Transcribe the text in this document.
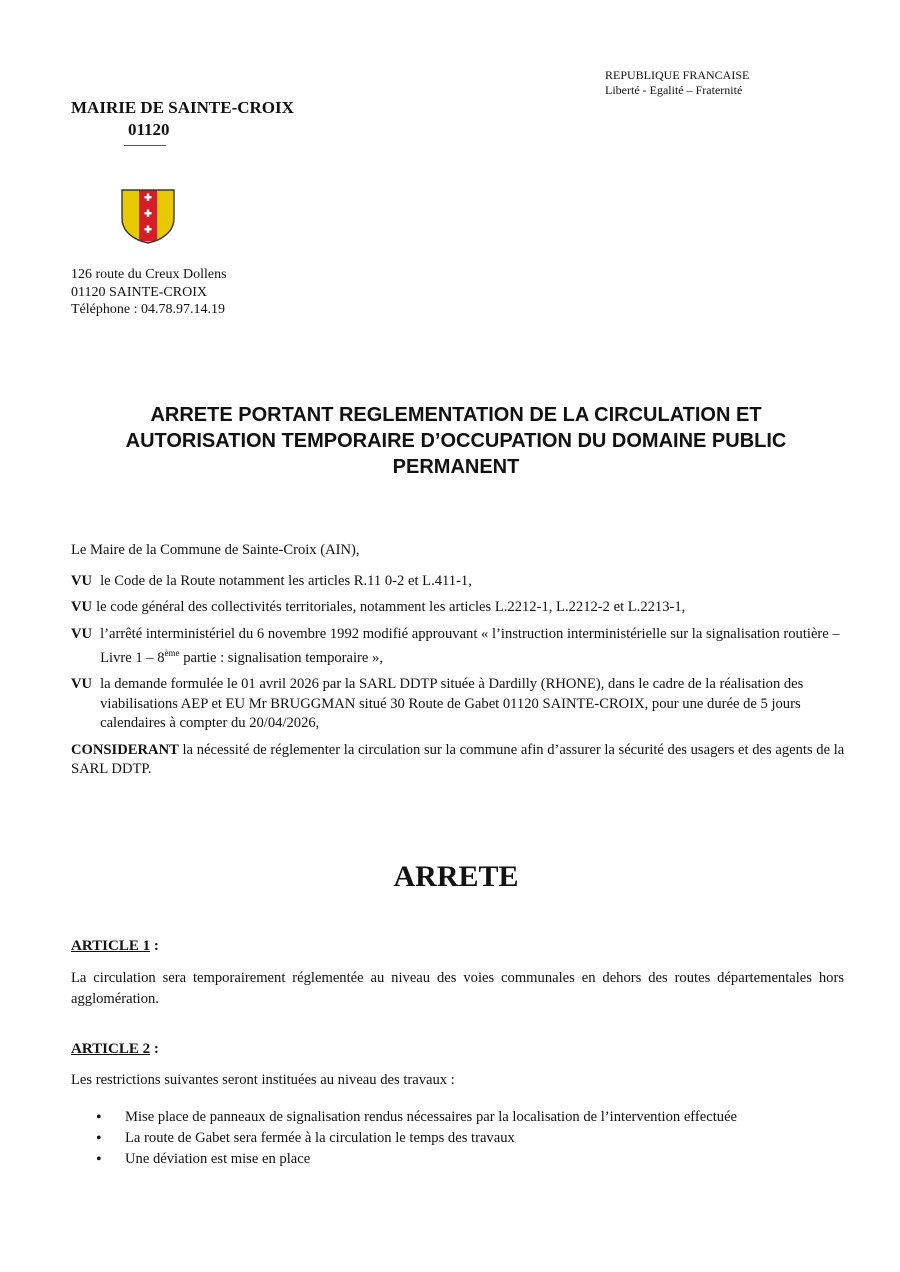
REPUBLIQUE FRANCAISE
Liberté - Egalité – Fraternité
MAIRIE DE SAINTE-CROIX
01120
126 route du Creux Dollens
01120 SAINTE-CROIX
Téléphone : 04.78.97.14.19
ARRETE PORTANT REGLEMENTATION DE LA CIRCULATION ET
AUTORISATION TEMPORAIRE D’OCCUPATION DU DOMAINE PUBLIC
PERMANENT

Le Maire de la Commune de Sainte-Croix (AIN),

VU le Code de la Route notamment les articles R.11 0-2 et L.411-1,
VU le code général des collectivités territoriales, notamment les articles L.2212-1, L.2212-2 et L.2213-1,
VU l’arrêté interministériel du 6 novembre 1992 modifié approuvant « l’instruction interministérielle sur la signalisation routière – Livre 1 – 8ème partie : signalisation temporaire »,
VU la demande formulée le 01 avril 2026 par la SARL DDTP située à Dardilly (RHONE), dans le cadre de la réalisation des viabilisations AEP et EU Mr BRUGGMAN situé 30 Route de Gabet 01120 SAINTE-CROIX, pour une durée de 5 jours calendaires à compter du 20/04/2026,

CONSIDERANT la nécessité de réglementer la circulation sur la commune afin d’assurer la sécurité des usagers et des agents de la SARL DDTP.

ARRETE
ARTICLE 1 :
La circulation sera temporairement réglementée au niveau des voies communales en dehors des routes départementales hors agglomération.
ARTICLE 2 :
Les restrictions suivantes seront instituées au niveau des travaux :
• Mise place de panneaux de signalisation rendus nécessaires par la localisation de l’intervention effectuée
• La route de Gabet sera fermée à la circulation le temps des travaux
• Une déviation est mise en place
